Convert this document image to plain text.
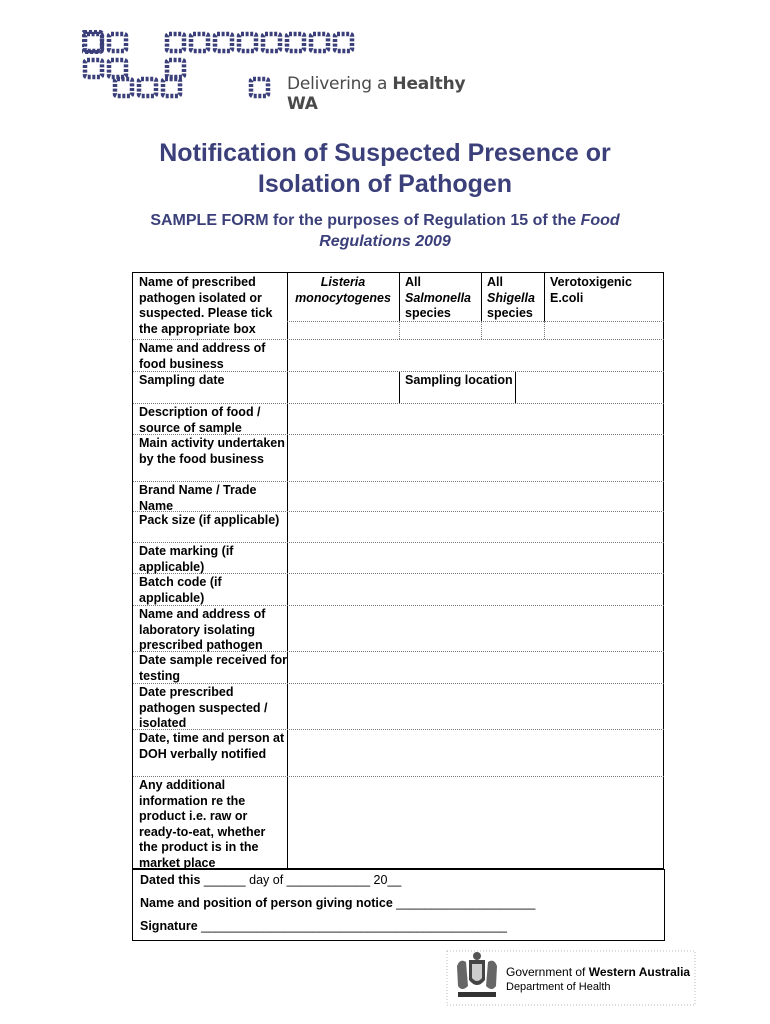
Delivering a Healthy WA
Notification of Suspected Presence or
Isolation of Pathogen
SAMPLE FORM for the purposes of Regulation 15 of the Food
Regulations 2009
Name of prescribed pathogen isolated or suspected. Please tick the appropriate box
Listeria
monocytogenes
All
Salmonella
species
All
Shigella
species
Verotoxigenic
E.coli
Name and address of food business
Sampling date	Sampling location
Description of food / source of sample
Main activity undertaken by the food business
Brand Name / Trade Name
Pack size (if applicable)
Date marking (if applicable)
Batch code (if applicable)
Name and address of laboratory isolating prescribed pathogen
Date sample received for testing
Date prescribed pathogen suspected / isolated
Date, time and person at DOH verbally notified
Any additional information re the product i.e. raw or ready-to-eat, whether the product is in the market place
Dated this ______ day of ____________ 20__
Name and position of person giving notice ____________________
Signature ____________________________________________
Government of Western Australia
Department of Health
